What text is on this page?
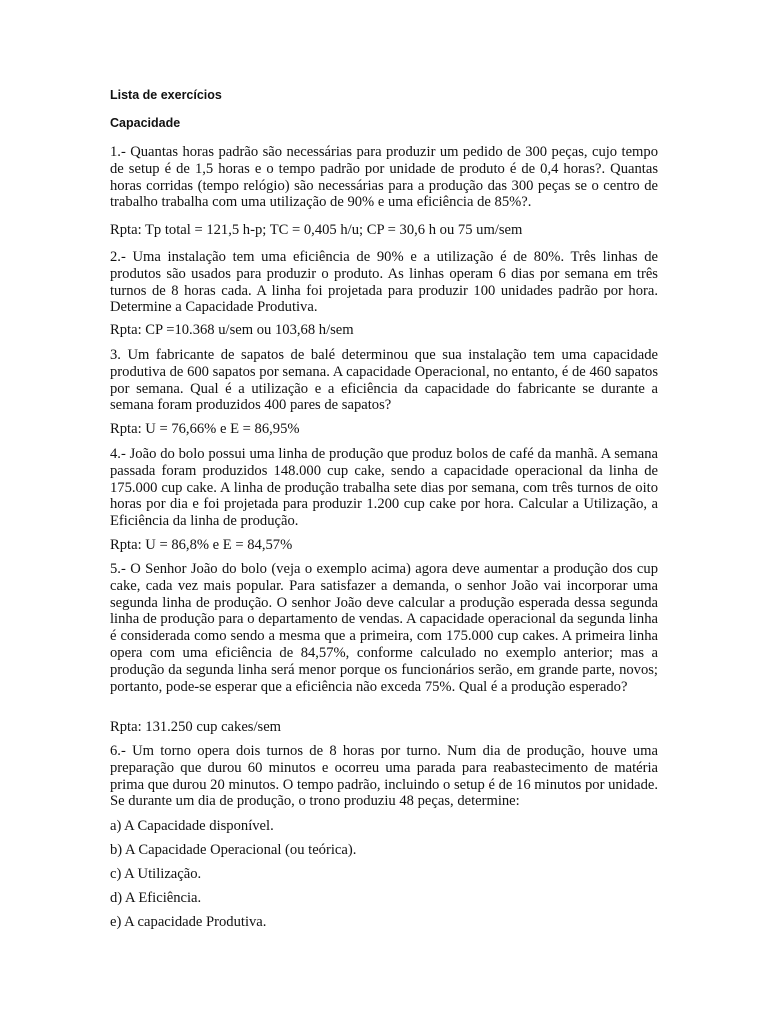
Lista de exercícios
Capacidade

1.- Quantas horas padrão são necessárias para produzir um pedido de 300 peças, cujo tempo de setup é de 1,5 horas e o tempo padrão por unidade de produto é de 0,4 horas?. Quantas horas corridas (tempo relógio) são necessárias para a produção das 300 peças se o centro de trabalho trabalha com uma utilização de 90% e uma eficiência de 85%?.

Rpta: Tp total = 121,5 h-p; TC = 0,405 h/u; CP = 30,6 h ou 75 um/sem

2.- Uma instalação tem uma eficiência de 90% e a utilização é de 80%. Três linhas de produtos são usados para produzir o produto. As linhas operam 6 dias por semana em três turnos de 8 horas cada. A linha foi projetada para produzir 100 unidades padrão por hora. Determine a Capacidade Produtiva.

Rpta: CP =10.368 u/sem ou 103,68 h/sem

3. Um fabricante de sapatos de balé determinou que sua instalação tem uma capacidade produtiva de 600 sapatos por semana. A capacidade Operacional, no entanto, é de 460 sapatos por semana. Qual é a utilização e a eficiência da capacidade do fabricante se durante a semana foram produzidos 400 pares de sapatos?

Rpta: U = 76,66% e E = 86,95%

4.- João do bolo possui uma linha de produção que produz bolos de café da manhã. A semana passada foram produzidos 148.000 cup cake, sendo a capacidade operacional da linha de 175.000 cup cake. A linha de produção trabalha sete dias por semana, com três turnos de oito horas por dia e foi projetada para produzir 1.200 cup cake por hora. Calcular a Utilização, a Eficiência da linha de produção.

Rpta: U = 86,8% e E = 84,57%

5.- O Senhor João do bolo (veja o exemplo acima) agora deve aumentar a produção dos cup cake, cada vez mais popular. Para satisfazer a demanda, o senhor João vai incorporar uma segunda linha de produção. O senhor João deve calcular a produção esperada dessa segunda linha de produção para o departamento de vendas. A capacidade operacional da segunda linha é considerada como sendo a mesma que a primeira, com 175.000 cup cakes. A primeira linha opera com uma eficiência de 84,57%, conforme calculado no exemplo anterior; mas a produção da segunda linha será menor porque os funcionários serão, em grande parte, novos; portanto, pode-se esperar que a eficiência não exceda 75%. Qual é a produção esperado?

Rpta: 131.250 cup cakes/sem

6.- Um torno opera dois turnos de 8 horas por turno. Num dia de produção, houve uma preparação que durou 60 minutos e ocorreu uma parada para reabastecimento de matéria prima que durou 20 minutos. O tempo padrão, incluindo o setup é de 16 minutos por unidade. Se durante um dia de produção, o trono produziu 48 peças, determine:

a) A Capacidade disponível.

b) A Capacidade Operacional (ou teórica).

c) A Utilização.

d) A Eficiência.

e) A capacidade Produtiva.
